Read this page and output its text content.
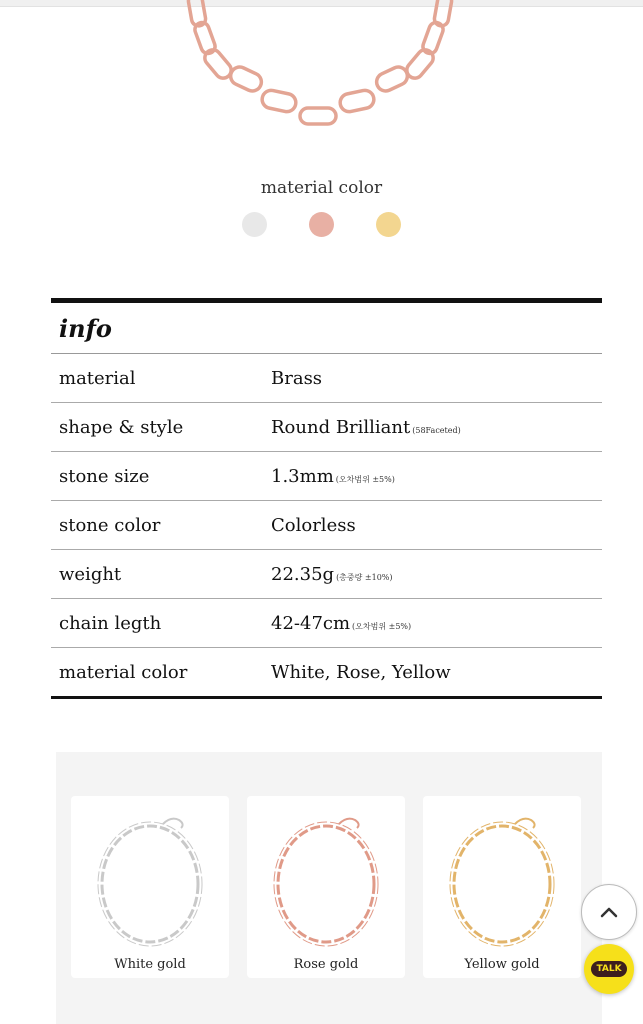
material color
info
material	Brass
shape & style	Round Brilliant (58Faceted)
stone size	1.3mm (오차범위 ±5%)
stone color	Colorless
weight	22.35g (총중량 ±10%)
chain legth	42-47cm (오차범위 ±5%)
material color	White, Rose, Yellow
White gold	Rose gold	Yellow gold	TALK
